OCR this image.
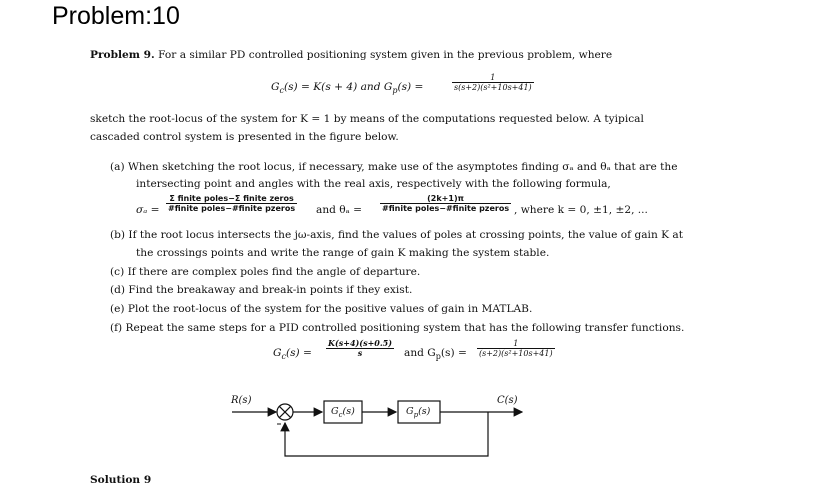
Problem:10
Problem 9. For a similar PD controlled positioning system given in the previous problem, where
$G_c(s) = K(s + 4)$ and $G_p(s)$ =	$\frac{1}{\text{s(s+2)(s²+10s+41)}}$
sketch the root-locus of the system for K = 1 by means of the computations requested below. A tyipical
cascaded control system is presented in the figure below.
(a) When sketching the root locus, if necessary, make use of the asymptotes finding σₐ and θₐ that are the
intersecting point and angles with the real axis, respectively with the following formula,
σₐ =
Σ finite poles−Σ finite zeros
#finite poles−#finite pzeros and θₐ =
(2k+1)π
#finite poles−#finite pzeros , where k = 0, ±1, ±2, ...
(b) If the root locus intersects the jω-axis, find the values of poles at crossing points, the value of gain K at
the crossings points and write the range of gain K making the system stable.
(c) If there are complex poles find the angle of departure.
(d) Find the breakaway and break-in points if they exist.
(e) Plot the root-locus of the system for the positive values of gain in MATLAB.
(f) Repeat the same steps for a PID controlled positioning system that has the following transfer functions.
$G_c(s) = \frac{K(s+4)(s+0.5)}{s}$ and $G_p(s) = \frac{1}{\text{(s+2)(s²+10s+41)}}$
R(s)	C(s)
$G_c(s)$	$G_p(s)$
Solution 9
